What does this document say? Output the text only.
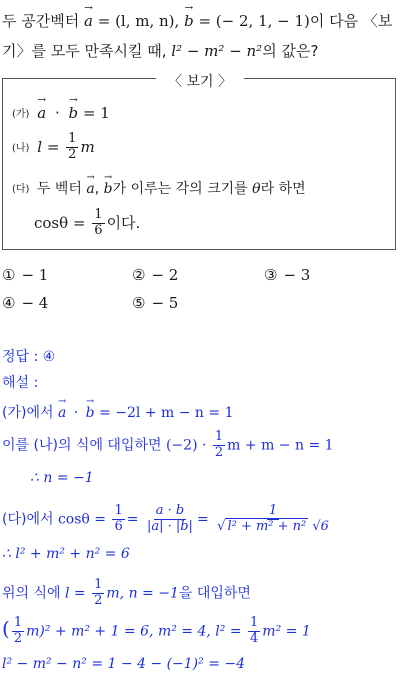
두 공간벡터 → a = (l, m, n), → b = (− 2, 1, − 1)이 다음 〈보
기〉를 모두 만족시킬 때, l² − m² − n²의 값은?
〈 보기 〉
(가) → a · → b = 1
(나) $l = \frac{1}{2}$ m
(다) 두 벡터 → a, → b가 이루는 각의 크기를 θ라 하면
$\cos\theta = \frac{1}{6}$ 이다.
① − 1	② − 2	③ − 3
④ − 4	⑤ − 5
정답 : ④
해설 :
(가)에서 → a · → b = −2l + m − n = 1
이를 (나)의 식에 대입하면 $(-2) \cdot \frac{1}{2}$ m + m − n = 1
∴ n = −1
(다)에서 $\cos\theta = \frac{1}{6} = \frac{a \cdot b}{|a| \cdot |b|} = \frac{1}{\text{√ l² + m² + n² √6}}$
∴ l² + m² + n² = 6
위의 식에 $l = \frac{1}{2} m$, n = −1을 대입하면
( $\frac{1}{2} m)^2 + m^2 + 1 = 6$, m² = 4, $l^2 = \frac{1}{4} m^2 = 1$
l² − m² − n² = 1 − 4 − (−1)² = −4
